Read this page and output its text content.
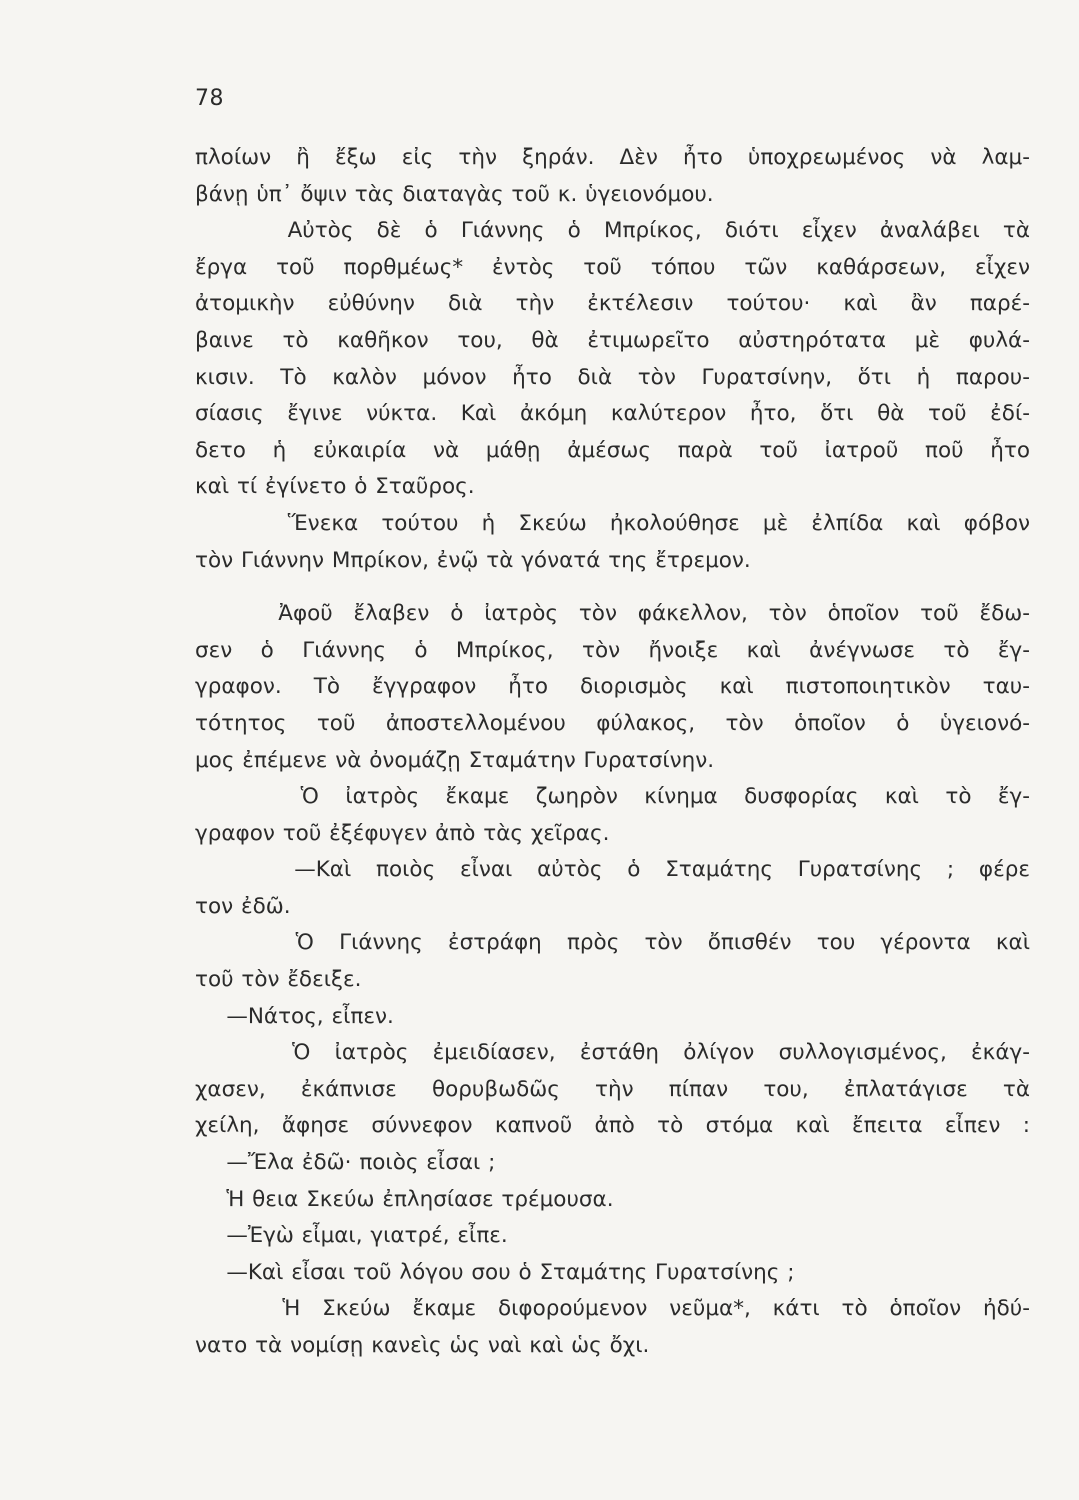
78
πλοίων ἢ ἔξω εἰς τὴν ξηράν. Δὲν ἦτο ὑποχρεωμένος νὰ λαμ-
βάνῃ ὑπ᾽ ὄψιν τὰς διαταγὰς τοῦ κ. ὑγειονόμου.
Αὐτὸς δὲ ὁ Γιάννης ὁ Μπρίκος, διότι εἶχεν ἀναλάβει τὰ
ἔργα τοῦ πορθμέως* ἐντὸς τοῦ τόπου τῶν καθάρσεων, εἶχεν
ἀτομικὴν εὐθύνην διὰ τὴν ἐκτέλεσιν τούτου· καὶ ἂν παρέ-
βαινε τὸ καθῆκον του, θὰ ἐτιμωρεῖτο αὐστηρότατα μὲ φυλά-
κισιν. Τὸ καλὸν μόνον ἦτο διὰ τὸν Γυρατσίνην, ὅτι ἡ παρου-
σίασις ἔγινε νύκτα. Καὶ ἀκόμη καλύτερον ἦτο, ὅτι θὰ τοῦ ἐδί-
δετο ἡ εὐκαιρία νὰ μάθῃ ἀμέσως παρὰ τοῦ ἰατροῦ ποῦ ἦτο
καὶ τί ἐγίνετο ὁ Σταῦρος.
Ἕνεκα τούτου ἡ Σκεύω ἠκολούθησε μὲ ἐλπίδα καὶ φόβον
τὸν Γιάννην Μπρίκον, ἐνῷ τὰ γόνατά της ἔτρεμον.
Ἀφοῦ ἔλαβεν ὁ ἰατρὸς τὸν φάκελλον, τὸν ὁποῖον τοῦ ἔδω-
σεν ὁ Γιάννης ὁ Μπρίκος, τὸν ἤνοιξε καὶ ἀνέγνωσε τὸ ἔγ-
γραφον. Τὸ ἔγγραφον ἦτο διορισμὸς καὶ πιστοποιητικὸν ταυ-
τότητος τοῦ ἀποστελλομένου φύλακος, τὸν ὁποῖον ὁ ὑγειονό-
μος ἐπέμενε νὰ ὀνομάζῃ Σταμάτην Γυρατσίνην.
Ὁ ἰατρὸς ἔκαμε ζωηρὸν κίνημα δυσφορίας καὶ τὸ ἔγ-
γραφον τοῦ ἐξέφυγεν ἀπὸ τὰς χεῖρας.
—Καὶ ποιὸς εἶναι αὐτὸς ὁ Σταμάτης Γυρατσίνης ; φέρε
τον ἐδῶ.
Ὁ Γιάννης ἐστράφη πρὸς τὸν ὄπισθέν του γέροντα καὶ
τοῦ τὸν ἔδειξε.
—Νάτος, εἶπεν.
Ὁ ἰατρὸς ἐμειδίασεν, ἐστάθη ὀλίγον συλλογισμένος, ἐκάγ-
χασεν, ἐκάπνισε θορυβωδῶς τὴν πίπαν του, ἐπλατάγισε τὰ
χείλη, ἄφησε σύννεφον καπνοῦ ἀπὸ τὸ στόμα καὶ ἔπειτα εἶπεν :
—Ἔλα ἐδῶ· ποιὸς εἶσαι ;
Ἡ θεια Σκεύω ἐπλησίασε τρέμουσα.
—Ἐγὼ εἶμαι, γιατρέ, εἶπε.
—Καὶ εἶσαι τοῦ λόγου σου ὁ Σταμάτης Γυρατσίνης ;
Ἡ Σκεύω ἔκαμε διφορούμενον νεῦμα*, κάτι τὸ ὁποῖον ἠδύ-
νατο τὰ νομίσῃ κανεὶς ὡς ναὶ καὶ ὡς ὄχι.
